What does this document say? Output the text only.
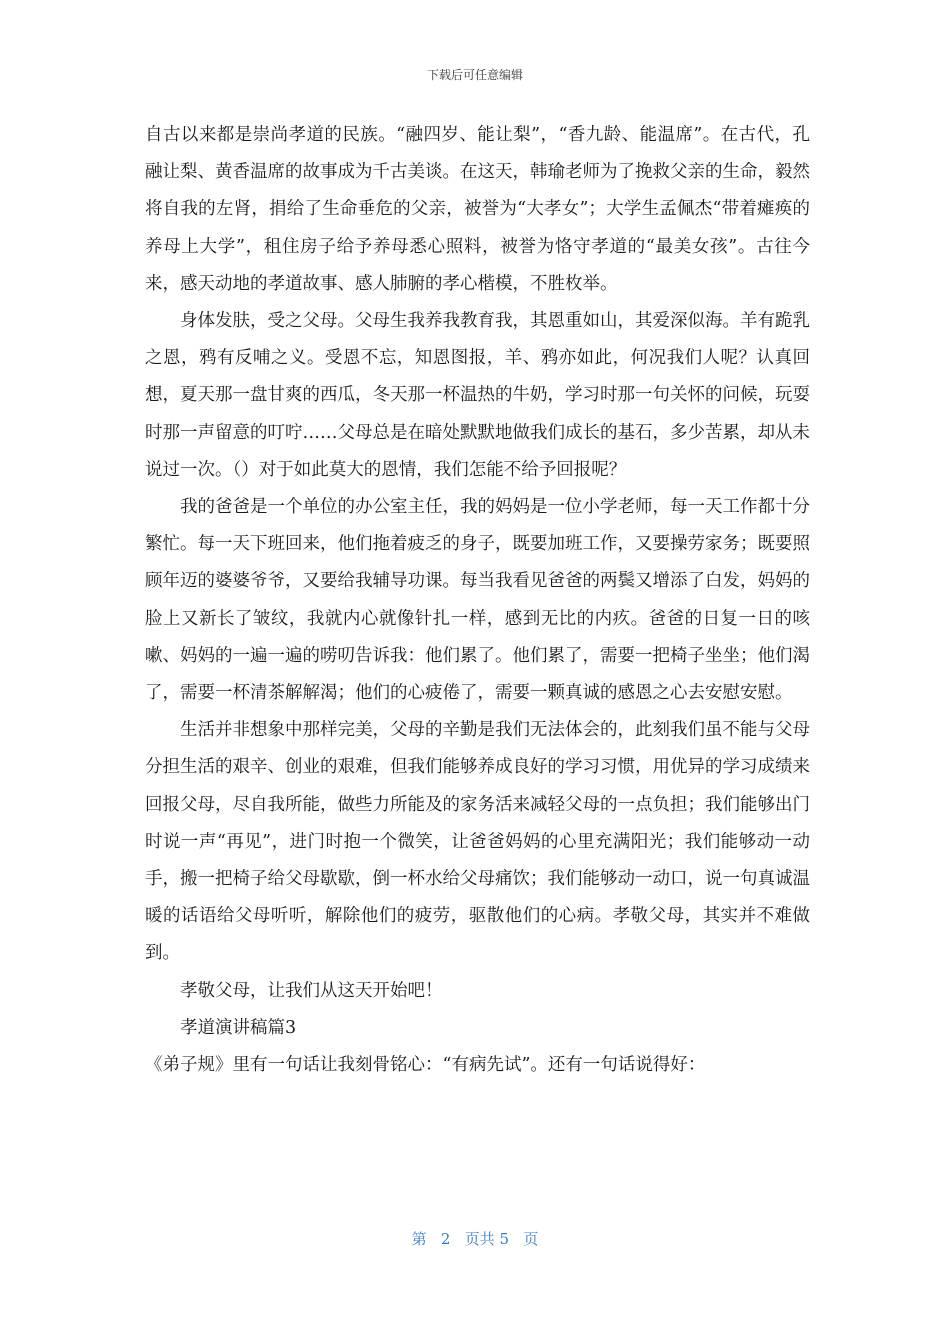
下载后可任意编辑

自古以来都是崇尚孝道的民族。“融四岁、能让梨”，“香九龄、能温席”。在古代，孔融让梨、黄香温席的故事成为千古美谈。在这天，韩瑜老师为了挽救父亲的生命，毅然将自我的左肾，捐给了生命垂危的父亲，被誉为“大孝女”；大学生孟佩杰“带着瘫痪的养母上大学”，租住房子给予养母悉心照料，被誉为恪守孝道的“最美女孩”。古往今来，感天动地的孝道故事、感人肺腑的孝心楷模，不胜枚举。

身体发肤，受之父母。父母生我养我教育我，其恩重如山，其爱深似海。羊有跪乳之恩，鸦有反哺之义。受恩不忘，知恩图报，羊、鸦亦如此，何况我们人呢？认真回想，夏天那一盘甘爽的西瓜，冬天那一杯温热的牛奶，学习时那一句关怀的问候，玩耍时那一声留意的叮咛……父母总是在暗处默默地做我们成长的基石，多少苦累，却从未说过一次。（）对于如此莫大的恩情，我们怎能不给予回报呢？

我的爸爸是一个单位的办公室主任，我的妈妈是一位小学老师，每一天工作都十分繁忙。每一天下班回来，他们拖着疲乏的身子，既要加班工作，又要操劳家务；既要照顾年迈的婆婆爷爷，又要给我辅导功课。每当我看见爸爸的两鬓又增添了白发，妈妈的脸上又新长了皱纹，我就内心就像针扎一样，感到无比的内疚。爸爸的日复一日的咳嗽、妈妈的一遍一遍的唠叨告诉我：他们累了。他们累了，需要一把椅子坐坐；他们渴了，需要一杯清茶解解渴；他们的心疲倦了，需要一颗真诚的感恩之心去安慰安慰。

生活并非想象中那样完美，父母的辛勤是我们无法体会的，此刻我们虽不能与父母分担生活的艰辛、创业的艰难，但我们能够养成良好的学习习惯，用优异的学习成绩来回报父母，尽自我所能，做些力所能及的家务活来减轻父母的一点负担；我们能够出门时说一声“再见”，进门时抱一个微笑，让爸爸妈妈的心里充满阳光；我们能够动一动手，搬一把椅子给父母歇歇，倒一杯水给父母痛饮；我们能够动一动口，说一句真诚温暖的话语给父母听听，解除他们的疲劳，驱散他们的心病。孝敬父母，其实并不难做到。

孝敬父母，让我们从这天开始吧！

孝道演讲稿篇3

《弟子规》里有一句话让我刻骨铭心：“有病先试”。还有一句话说得好：

第 2 页共 5 页
